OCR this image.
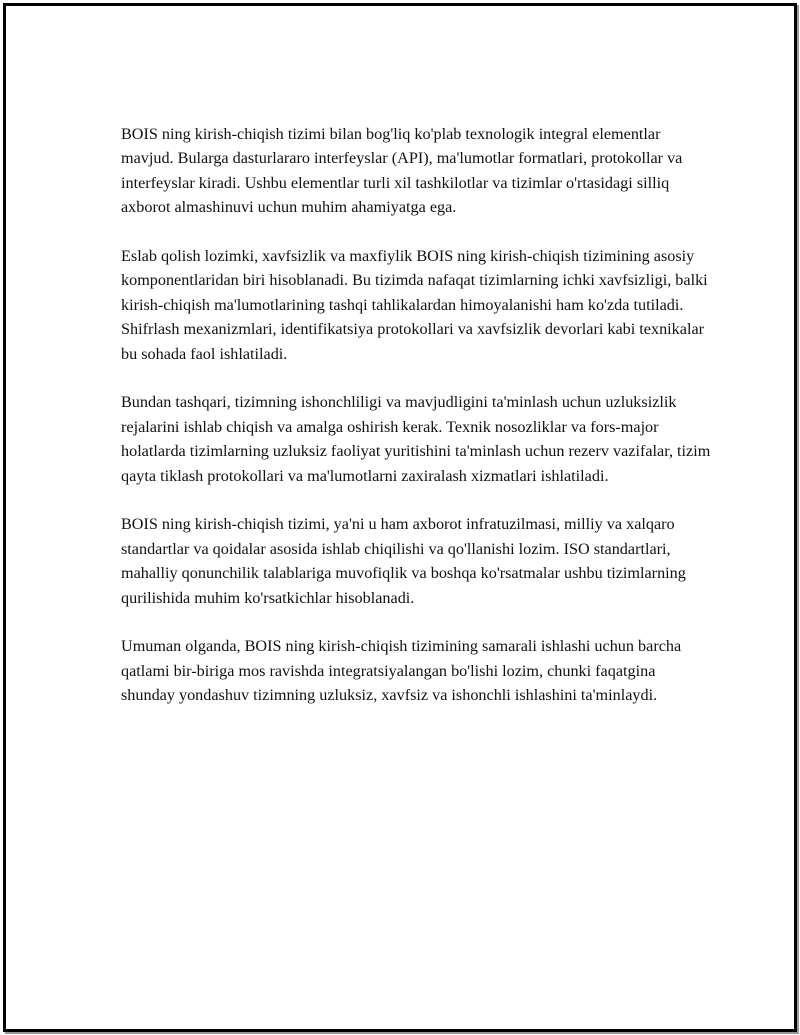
BOIS ning kirish-chiqish tizimi bilan bog'liq ko'plab texnologik integral elementlar mavjud. Bularga dasturlararo interfeyslar (API), ma'lumotlar formatlari, protokollar va interfeyslar kiradi. Ushbu elementlar turli xil tashkilotlar va tizimlar o'rtasidagi silliq axborot almashinuvi uchun muhim ahamiyatga ega.

Eslab qolish lozimki, xavfsizlik va maxfiylik BOIS ning kirish-chiqish tizimining asosiy komponentlaridan biri hisoblanadi. Bu tizimda nafaqat tizimlarning ichki xavfsizligi, balki kirish-chiqish ma'lumotlarining tashqi tahlikalardan himoyalanishi ham ko'zda tutiladi. Shifrlash mexanizmlari, identifikatsiya protokollari va xavfsizlik devorlari kabi texnikalar bu sohada faol ishlatiladi.

Bundan tashqari, tizimning ishonchliligi va mavjudligini ta'minlash uchun uzluksizlik rejalarini ishlab chiqish va amalga oshirish kerak. Texnik nosozliklar va fors-major holatlarda tizimlarning uzluksiz faoliyat yuritishini ta'minlash uchun rezerv vazifalar, tizim qayta tiklash protokollari va ma'lumotlarni zaxiralash xizmatlari ishlatiladi.

BOIS ning kirish-chiqish tizimi, ya'ni u ham axborot infratuzilmasi, milliy va xalqaro standartlar va qoidalar asosida ishlab chiqilishi va qo'llanishi lozim. ISO standartlari, mahalliy qonunchilik talablariga muvofiqlik va boshqa ko'rsatmalar ushbu tizimlarning qurilishida muhim ko'rsatkichlar hisoblanadi.

Umuman olganda, BOIS ning kirish-chiqish tizimining samarali ishlashi uchun barcha qatlami bir-biriga mos ravishda integratsiyalangan bo'lishi lozim, chunki faqatgina shunday yondashuv tizimning uzluksiz, xavfsiz va ishonchli ishlashini ta'minlaydi.
